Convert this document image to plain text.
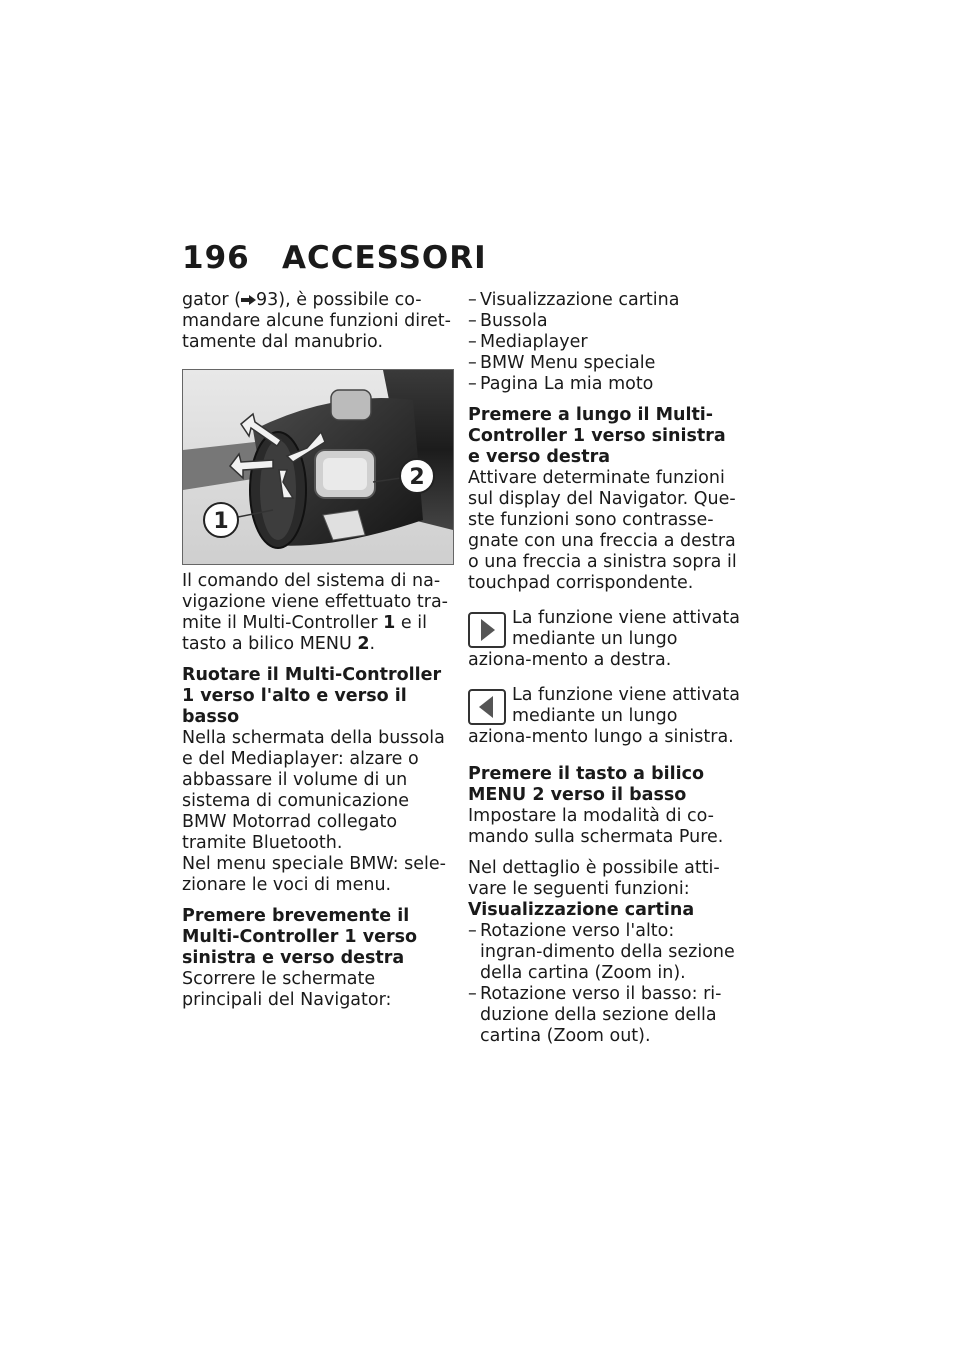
196	ACCESSORI

gator ( 93), è possibile co-mandare alcune funzioni diret-tamente dal manubrio.

1
2

Il comando del sistema di na-vigazione viene effettuato tra-mite il Multi-Controller 1 e il tasto a bilico MENU 2.

Ruotare il Multi-Controller 1 verso l'alto e verso il basso

Nella schermata della bussola e del Mediaplayer: alzare o abbassare il volume di un sistema di comunicazione BMW Motorrad collegato tramite Bluetooth.

Nel menu speciale BMW: sele-zionare le voci di menu.

Premere brevemente il Multi-Controller 1 verso sinistra e verso destra

Scorrere le schermate principali del Navigator:

– Visualizzazione cartina
– Bussola
– Mediaplayer
– BMW Menu speciale
– Pagina La mia moto

Premere a lungo il Multi-Controller 1 verso sinistra e verso destra

Attivare determinate funzioni sul display del Navigator. Que-ste funzioni sono contrasse-gnate con una freccia a destra o una freccia a sinistra sopra il touchpad corrispondente.

La funzione viene attivata mediante un lungo aziona-mento a destra.
La funzione viene attivata mediante un lungo aziona-mento lungo a sinistra.

Premere il tasto a bilico MENU 2 verso il basso

Impostare la modalità di co-mando sulla schermata Pure.

Nel dettaglio è possibile atti-vare le seguenti funzioni:

Visualizzazione cartina

– Rotazione verso l'alto: ingran-dimento della sezione della cartina (Zoom in).
– Rotazione verso il basso: ri-duzione della sezione della cartina (Zoom out).
